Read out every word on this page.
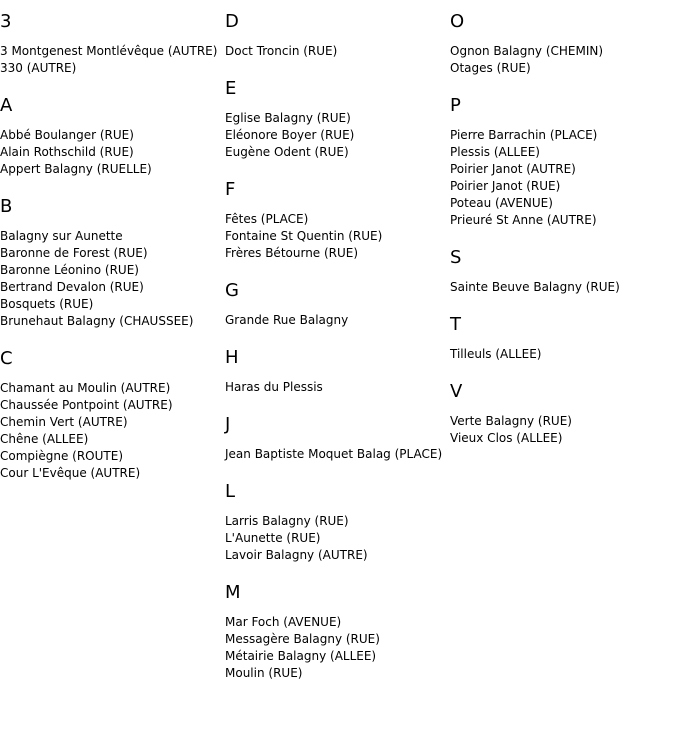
3
3 Montgenest Montlévêque (AUTRE)
330 (AUTRE)
A
Abbé Boulanger (RUE)
Alain Rothschild (RUE)
Appert Balagny (RUELLE)
B
Balagny sur Aunette
Baronne de Forest (RUE)
Baronne Léonino (RUE)
Bertrand Devalon (RUE)
Bosquets (RUE)
Brunehaut Balagny (CHAUSSEE)
C
Chamant au Moulin (AUTRE)
Chaussée Pontpoint (AUTRE)
Chemin Vert (AUTRE)
Chêne (ALLEE)
Compiègne (ROUTE)
Cour L'Evêque (AUTRE)
D
Doct Troncin (RUE)
E
Eglise Balagny (RUE)
Eléonore Boyer (RUE)
Eugène Odent (RUE)
F
Fêtes (PLACE)
Fontaine St Quentin (RUE)
Frères Bétourne (RUE)
G
Grande Rue Balagny
H
Haras du Plessis
J
Jean Baptiste Moquet Balag (PLACE)
L
Larris Balagny (RUE)
L'Aunette (RUE)
Lavoir Balagny (AUTRE)
M
Mar Foch (AVENUE)
Messagère Balagny (RUE)
Métairie Balagny (ALLEE)
Moulin (RUE)
O
Ognon Balagny (CHEMIN)
Otages (RUE)
P
Pierre Barrachin (PLACE)
Plessis (ALLEE)
Poirier Janot (AUTRE)
Poirier Janot (RUE)
Poteau (AVENUE)
Prieuré St Anne (AUTRE)
S
Sainte Beuve Balagny (RUE)
T
Tilleuls (ALLEE)
V
Verte Balagny (RUE)
Vieux Clos (ALLEE)
